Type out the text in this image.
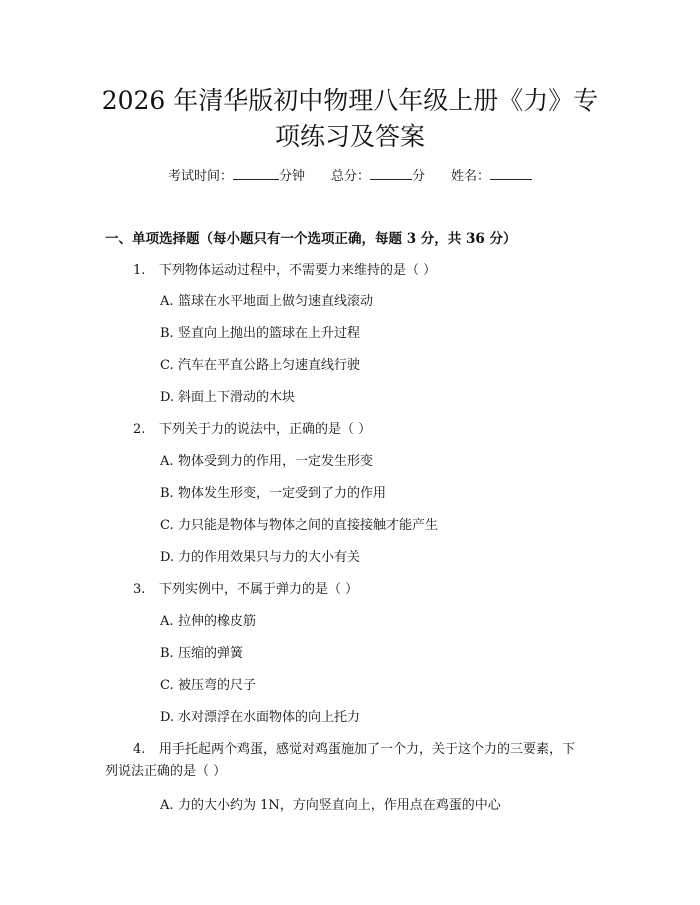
2026 年清华版初中物理八年级上册《力》专
项练习及答案
考试时间：	分钟 总分：	分 姓名：
一、单项选择题（每小题只有一个选项正确，每题 3 分，共 36 分）
1. 下列物体运动过程中，不需要力来维持的是（ ）
A. 篮球在水平地面上做匀速直线滚动
B. 竖直向上抛出的篮球在上升过程
C. 汽车在平直公路上匀速直线行驶
D. 斜面上下滑动的木块
2. 下列关于力的说法中，正确的是（ ）
A. 物体受到力的作用，一定发生形变
B. 物体发生形变，一定受到了力的作用
C. 力只能是物体与物体之间的直接接触才能产生
D. 力的作用效果只与力的大小有关
3. 下列实例中，不属于弹力的是（ ）
A. 拉伸的橡皮筋
B. 压缩的弹簧
C. 被压弯的尺子
D. 水对漂浮在水面物体的向上托力
4. 用手托起两个鸡蛋，感觉对鸡蛋施加了一个力，关于这个力的三要素，下
列说法正确的是（ ）
A. 力的大小约为 1N，方向竖直向上，作用点在鸡蛋的中心
